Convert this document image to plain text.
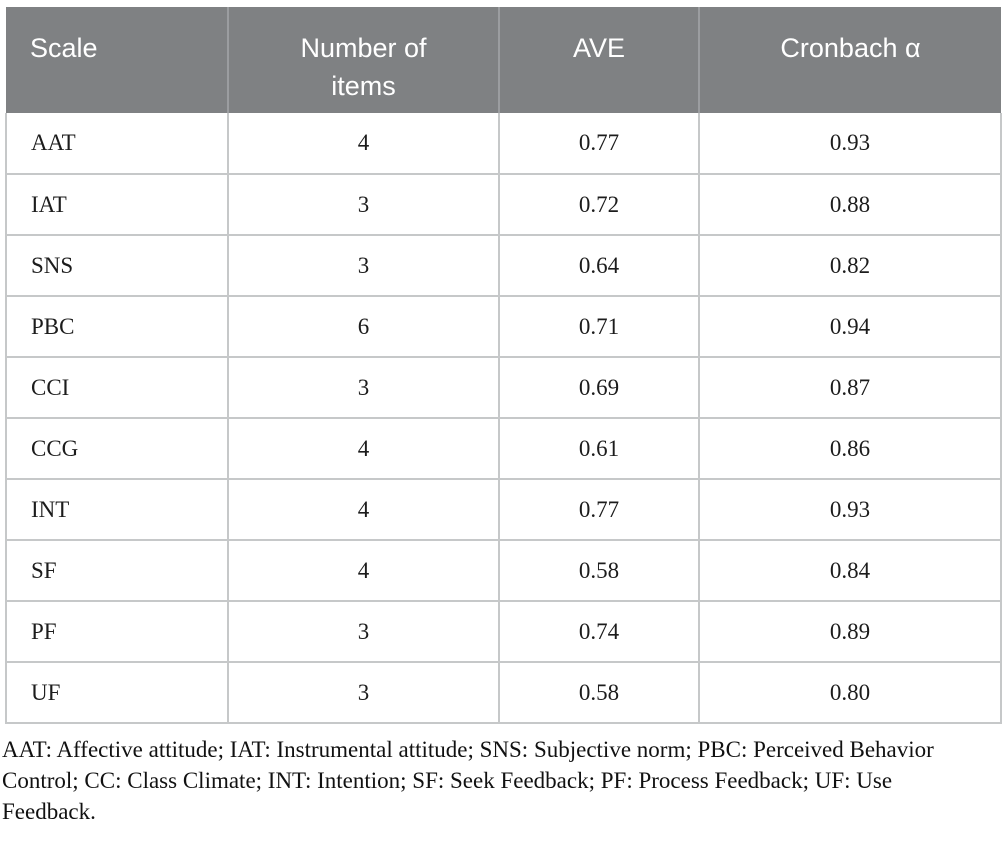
Scale	Number of items	AVE	Cronbach α
AAT	4	0.77	0.93
IAT	3	0.72	0.88
SNS	3	0.64	0.82
PBC	6	0.71	0.94
CCI	3	0.69	0.87
CCG	4	0.61	0.86
INT	4	0.77	0.93
SF	4	0.58	0.84
PF	3	0.74	0.89
UF	3	0.58	0.80

AAT: Affective attitude; IAT: Instrumental attitude; SNS: Subjective norm; PBC: Perceived Behavior Control; CC: Class Climate; INT: Intention; SF: Seek Feedback; PF: Process Feedback; UF: Use Feedback.
